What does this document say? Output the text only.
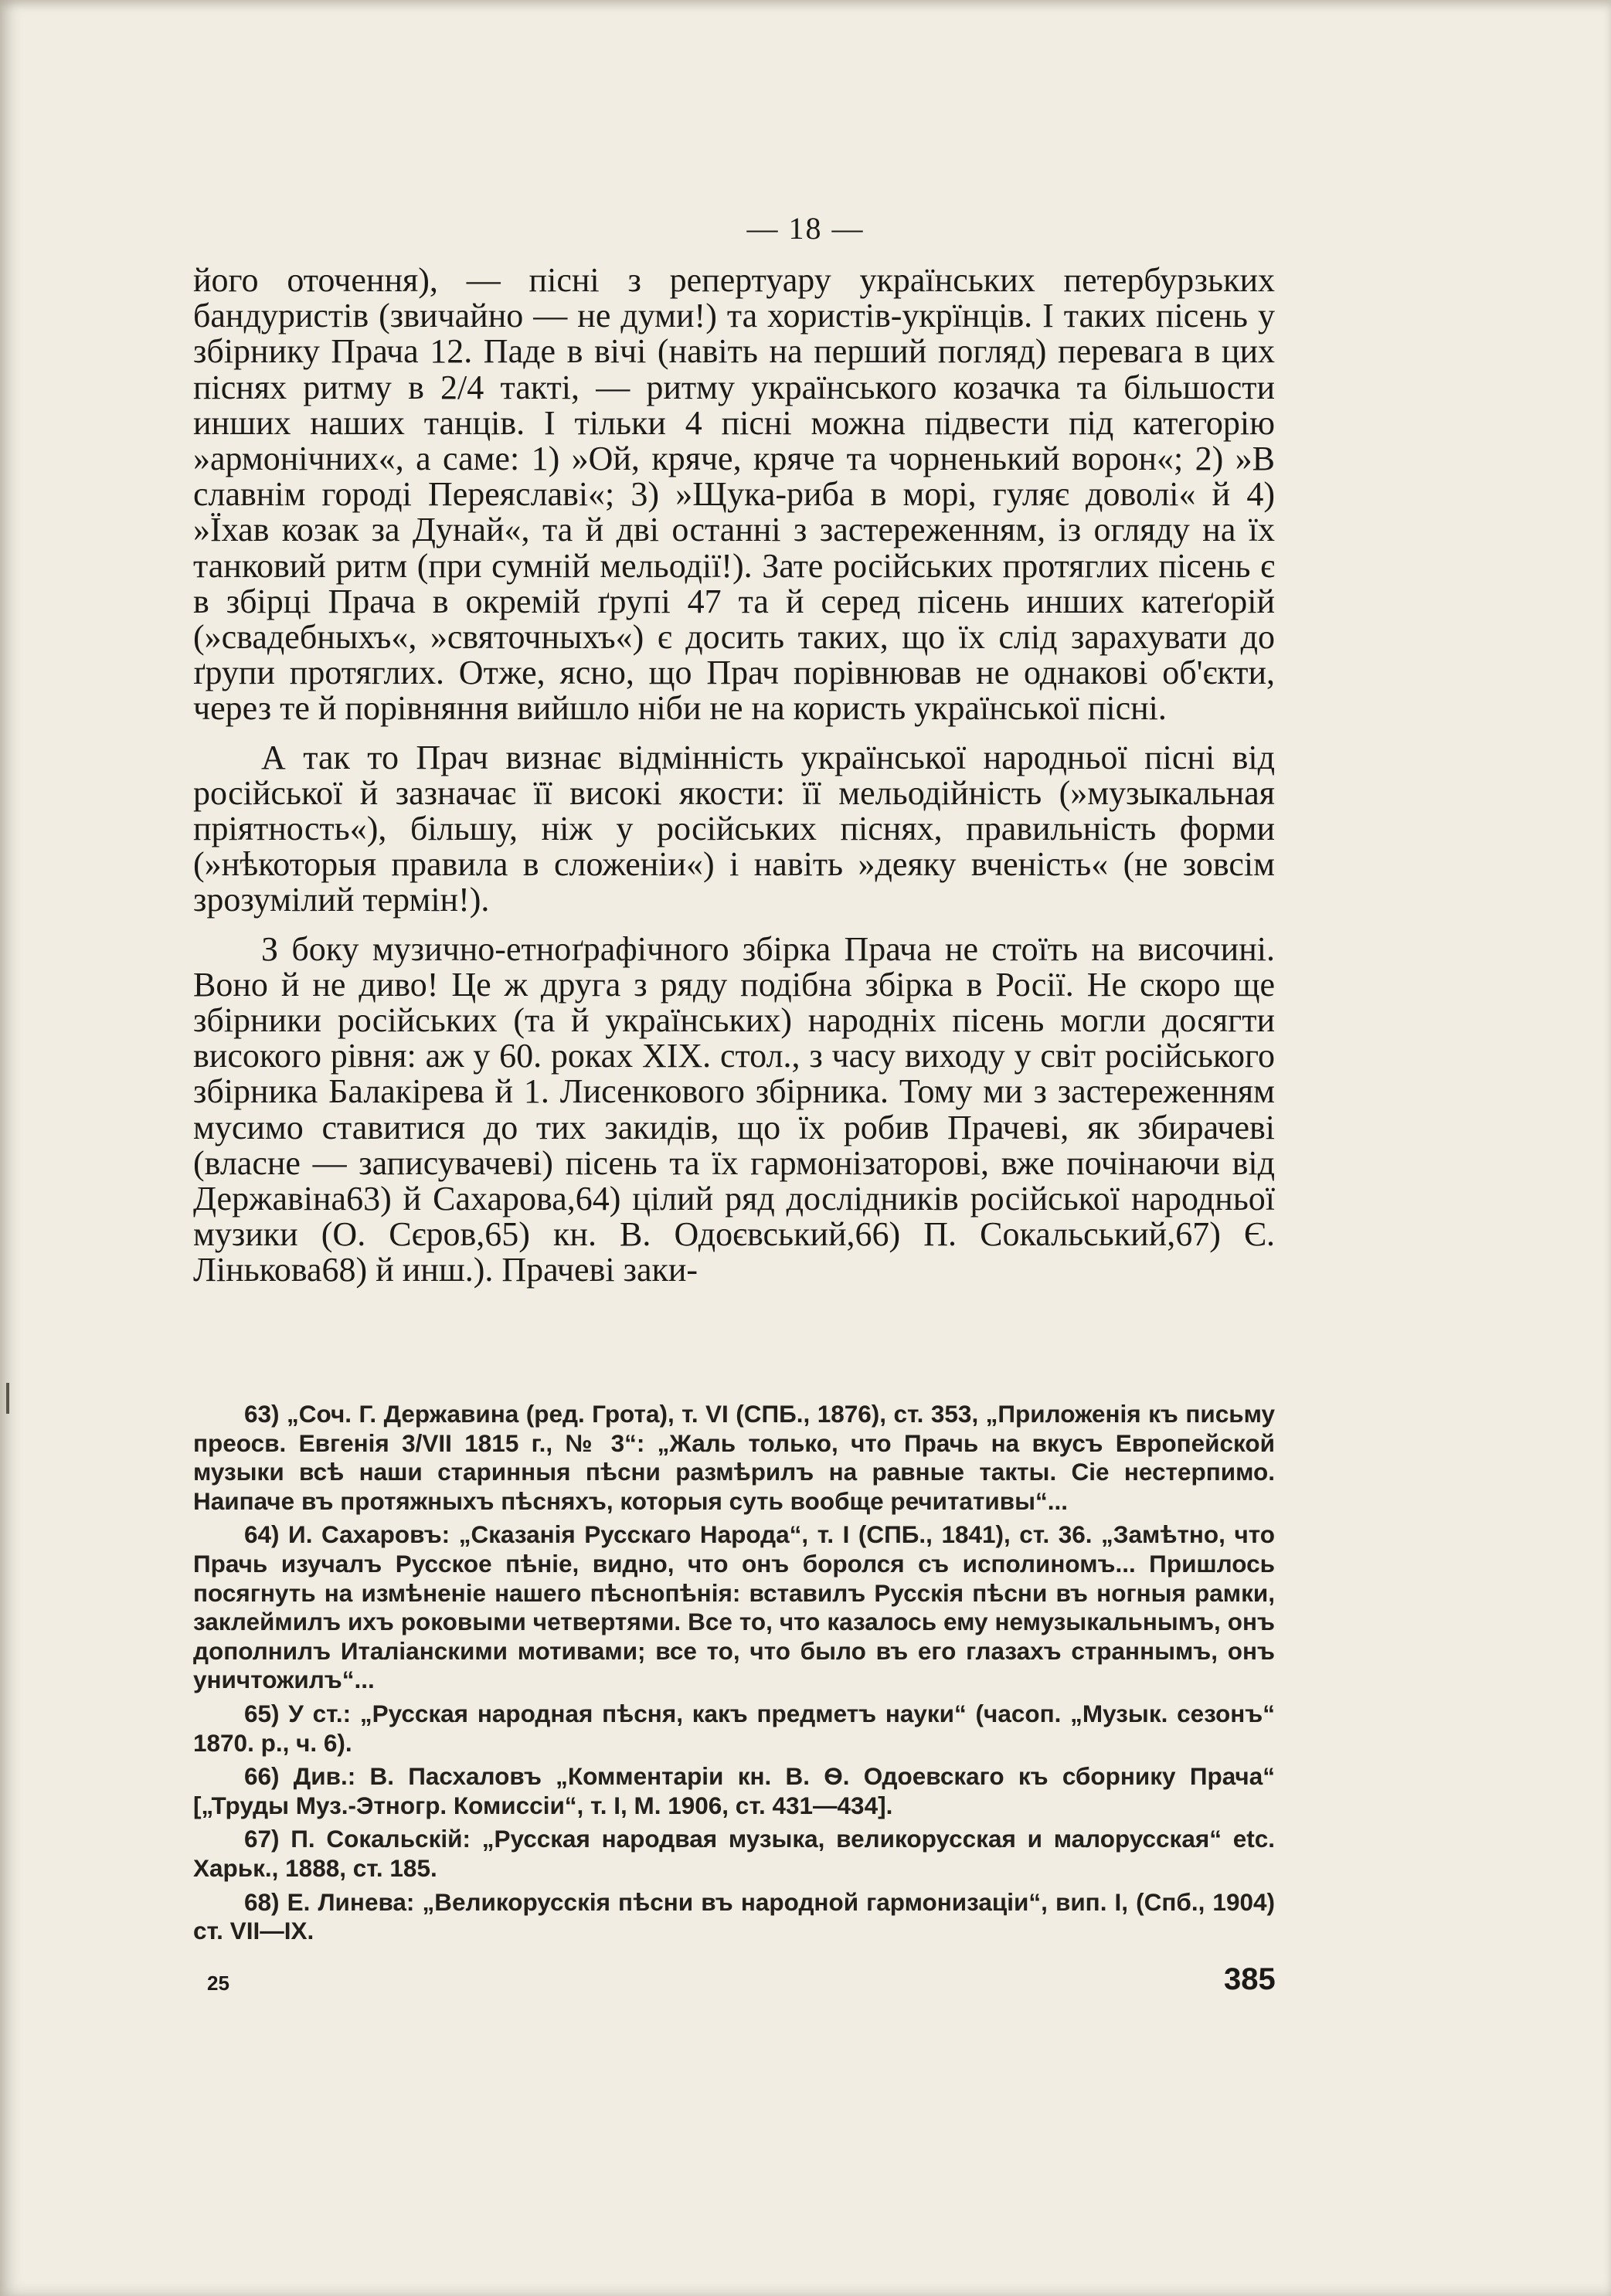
— 18 —

його оточення), — пісні з репертуару українських петербурзьких бандуристів (звичайно — не думи!) та хористів-укрїнців. І таких пісень у збірнику Прача 12. Паде в вічі (навіть на перший погляд) перевага в цих піснях ритму в 2/4 такті, — ритму українського козачка та більшости инших наших танців. І тільки 4 пісні можна підвести під категорію »армонічних«, а саме: 1) »Ой, кряче, кряче та чорненький ворон«; 2) »В славнім городі Переяславі«; 3) »Щука-риба в морі, гуляє доволі« й 4) »Їхав козак за Дунай«, та й дві останні з застереженням, із огляду на їх танковий ритм (при сумній мельодії!). Зате російських протяглих пісень є в збірці Прача в окремій ґрупі 47 та й серед пісень инших катеґорій (»свадебныхъ«, »святочныхъ«) є досить таких, що їх слід зарахувати до ґрупи протяглих. Отже, ясно, що Прач порівнював не однакові об'єкти, через те й порівняння вийшло ніби не на користь української пісні.

А так то Прач визнає відмінність української народньої пісні від російської й зазначає її високі якости: її мельодійність (»музыкальная пріятность«), більшу, ніж у російських піснях, правильність форми (»нѣкоторыя правила в сложеніи«) і навіть »деяку вченість« (не зовсім зрозумілий термін!).

З боку музично-етноґрафічного збірка Прача не стоїть на височині. Воно й не диво! Це ж друга з ряду подібна збірка в Росії. Не скоро ще збірники російських (та й українських) народніх пісень могли досягти високого рівня: аж у 60. роках XIX. стол., з часу виходу у світ російського збірника Балакірева й 1. Лисенкового збірника. Тому ми з застереженням мусимо ставитися до тих закидів, що їх робив Прачеві, як збирачеві (власне — записувачеві) пісень та їх гармонізаторові, вже почінаючи від Державіна63) й Сахарова,64) цілий ряд дослідників російської народньої музики (О. Сєров,65) кн. В. Одоєвський,66) П. Сокальський,67) Є. Лінькова68) й инш.). Прачеві заки-

63) „Соч. Г. Державина (ред. Грота), т. VI (СПБ., 1876), ст. 353, „Приложенія къ письму преосв. Евгенія 3/VII 1815 г., № 3“: „Жаль только, что Прачь на вкусъ Европейской музыки всѣ наши старинныя пѣсни размѣрилъ на равные такты. Сіе нестерпимо. Наипаче въ протяжныхъ пѣсняхъ, которыя суть вообще речитативы“...

64) И. Сахаровъ: „Сказанія Русскаго Народа“, т. І (СПБ., 1841), ст. 36. „Замѣтно, что Прачь изучалъ Русское пѣніе, видно, что онъ боролся съ исполиномъ... Пришлось посягнуть на измѣненіе нашего пѣснопѣнія: вставилъ Русскія пѣсни въ ногныя рамки, заклеймилъ ихъ роковыми четвертями. Все то, что казалось ему немузыкальнымъ, онъ дополнилъ Италіанскими мотивами; все то, что было въ его глазахъ страннымъ, онъ уничтожилъ“...

65) У ст.: „Русская народная пѣсня, какъ предметъ науки“ (часоп. „Музык. сезонъ“ 1870. р., ч. 6).

66) Див.: В. Пасхаловъ „Комментаріи кн. В. Ѳ. Одоевскаго къ сборнику Прача“ [„Труды Муз.-Этногр. Комиссіи“, т. І, М. 1906, ст. 431—434].

67) П. Сокальскій: „Русская народвая музыка, великорусская и малорусская“ etc. Харьк., 1888, ст. 185.

68) Е. Линева: „Великорусскія пѣсни въ народной гармонизаціи“, вип. І, (Спб., 1904) ст. VII—IX.

25	385
